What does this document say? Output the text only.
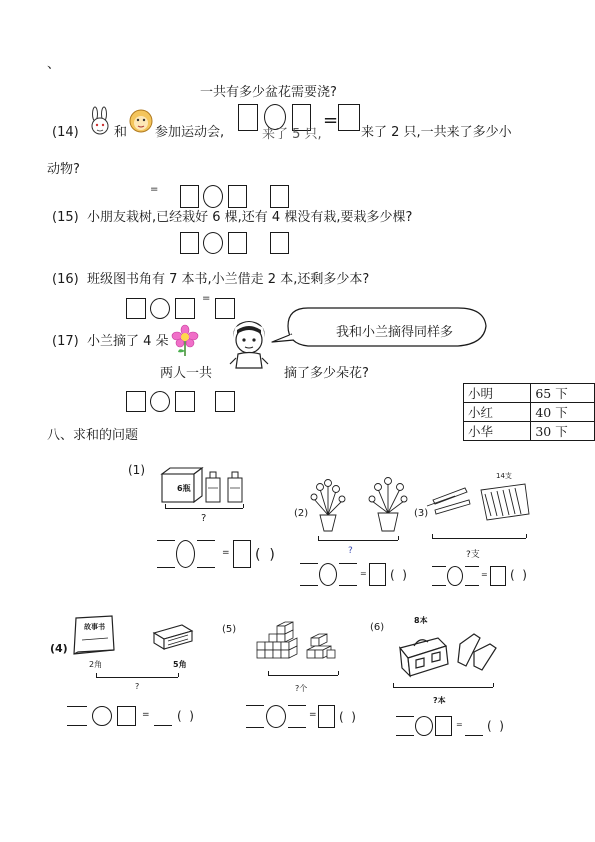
、
一共有多少盆花需要浇?
(14)	和 参加运动会,
=
来了 5 只,	来了 2 只,一共来了多少小
动物?
=
(15) 小朋友栽树,已经栽好 6 棵,还有 4 棵没有栽,要栽多少棵?
(16) 班级图书角有 7 本书,小兰借走 2 本,还剩多少本?
=
(17) 小兰摘了 4 朵
我和小兰摘得同样多
两人一共	摘了多少朵花?
小明	65 下
小红	40 下
小华	30 下
八、求和的问题
(1)
6瓶
?
= (  )
(2)
?
= (  )
(3)
14支
?支
= (  )
(4)
故事书
2角	5角
?
= (  )
(5)
?个
= (  )
(6)
8本
?本
= (  )
